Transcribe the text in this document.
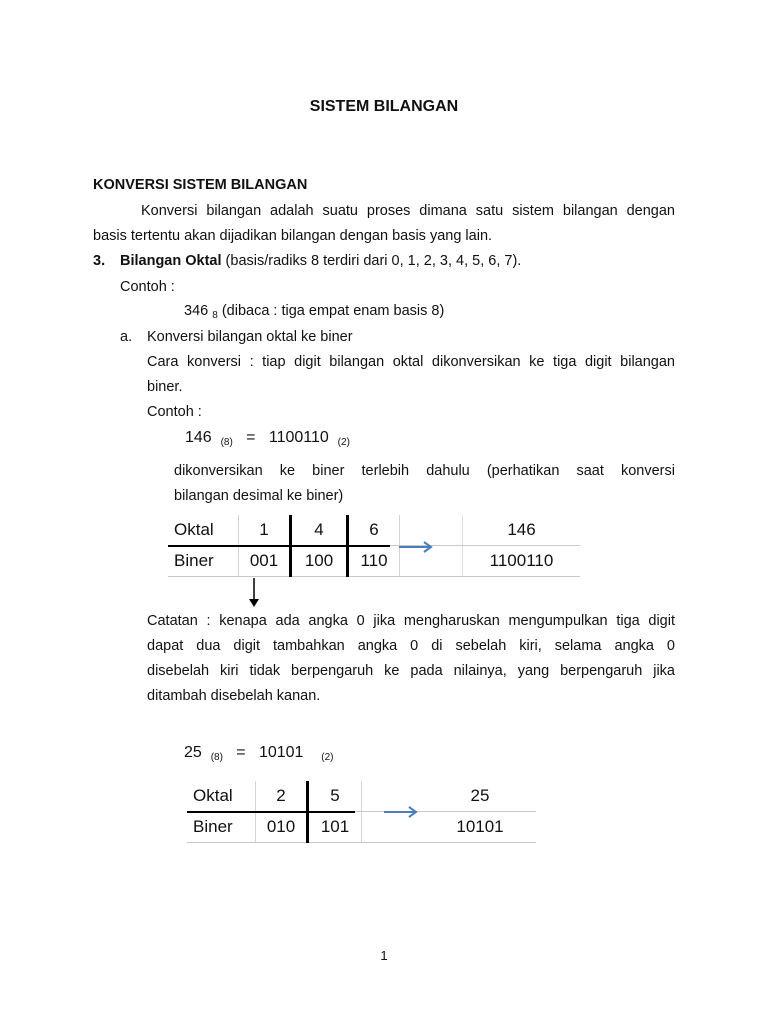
SISTEM BILANGAN
KONVERSI SISTEM BILANGAN
Konversi bilangan adalah suatu proses dimana satu sistem bilangan dengan
basis tertentu akan dijadikan bilangan dengan basis yang lain.
3. Bilangan Oktal (basis/radiks 8 terdiri dari 0, 1, 2, 3, 4, 5, 6, 7).
Contoh :
346 $_8$ (dibaca : tiga empat enam basis 8)
a. Konversi bilangan oktal ke biner
Cara konversi : tiap digit bilangan oktal dikonversikan ke tiga digit bilangan
biner.
Contoh :
146 (8) = 1100110 (2)
dikonversikan ke biner terlebih dahulu (perhatikan saat konversi
bilangan desimal ke biner)
Oktal	1	4	6		146
Biner	001	100	110		1100110
Catatan : kenapa ada angka 0 jika mengharuskan mengumpulkan tiga digit
dapat dua digit tambahkan angka 0 di sebelah kiri, selama angka 0
disebelah kiri tidak berpengaruh ke pada nilainya, yang berpengaruh jika
ditambah disebelah kanan.
25 (8) = 10101 (2)
Oktal	2	5		25
Biner	010	101		10101
1
